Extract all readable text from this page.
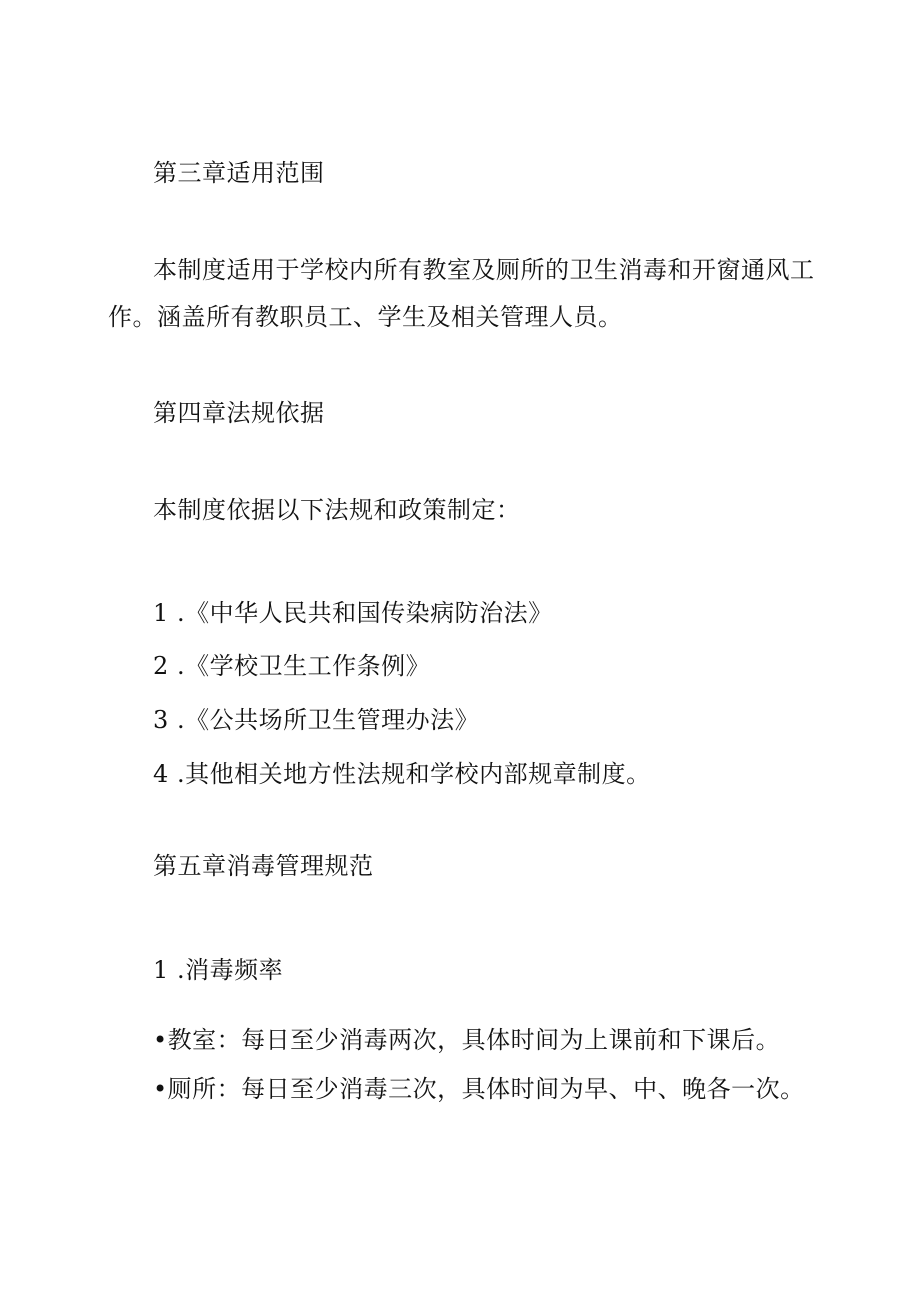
第三章适用范围
本制度适用于学校内所有教室及厕所的卫生消毒和开窗通风工
作。涵盖所有教职员工、学生及相关管理人员。
第四章法规依据
本制度依据以下法规和政策制定：
1 .《中华人民共和国传染病防治法》
2 .《学校卫生工作条例》
3 .《公共场所卫生管理办法》
4 .其他相关地方性法规和学校内部规章制度。
第五章消毒管理规范
1 .消毒频率
•教室：每日至少消毒两次，具体时间为上课前和下课后。
•厕所：每日至少消毒三次，具体时间为早、中、晚各一次。
